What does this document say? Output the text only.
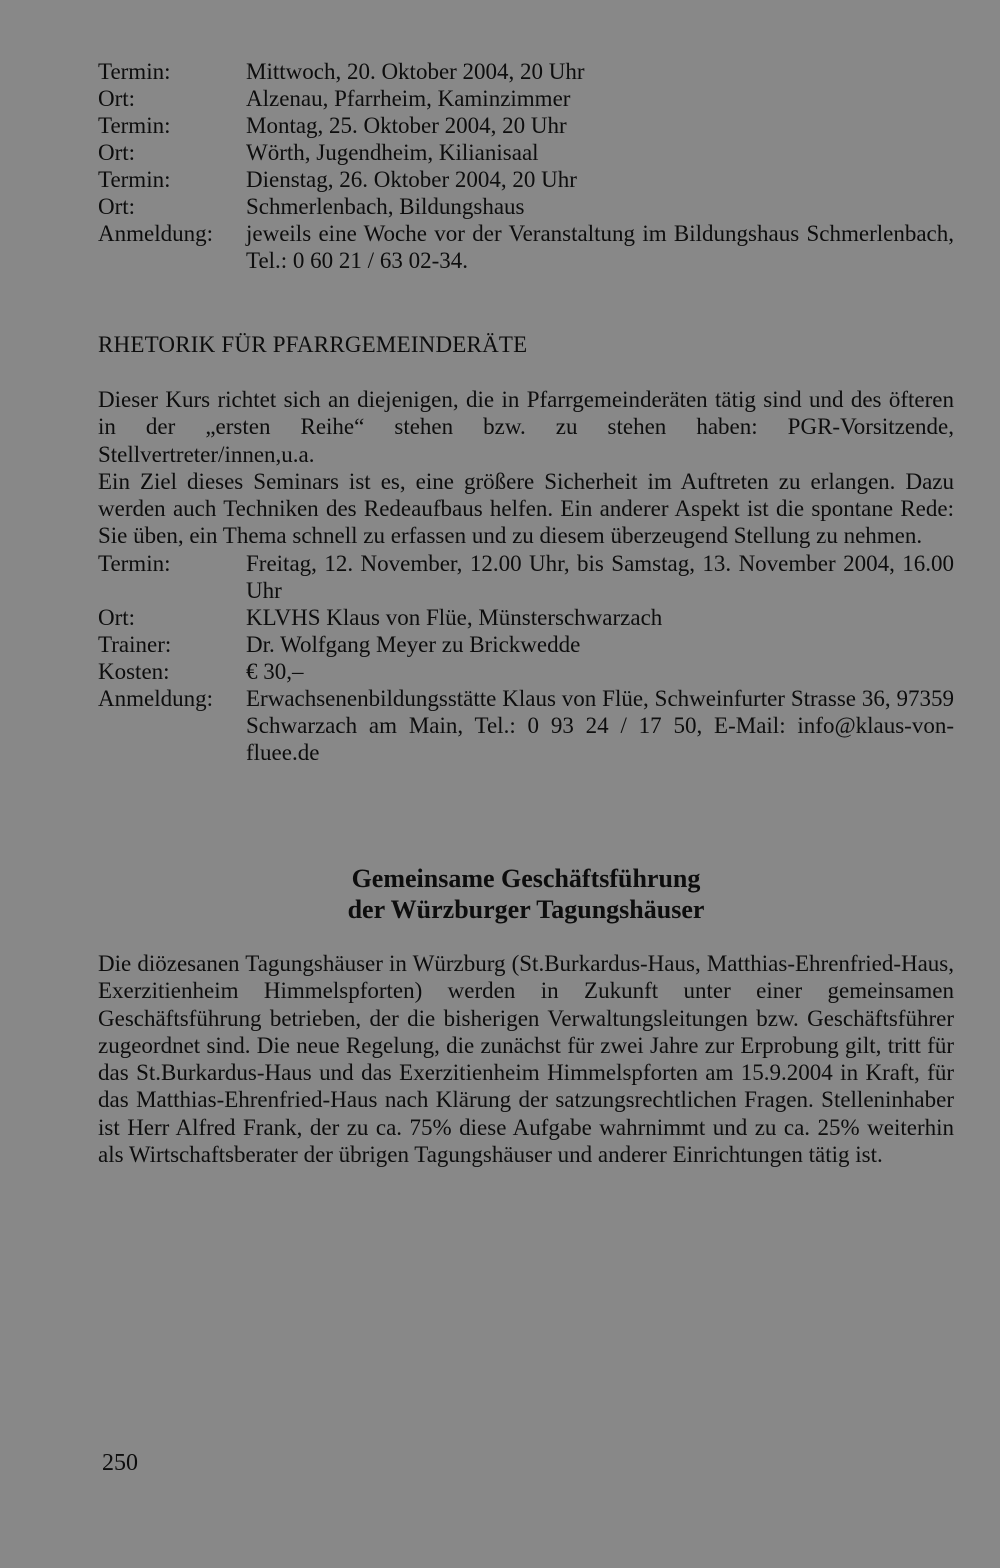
Termin:	Mittwoch, 20. Oktober 2004, 20 Uhr
Ort:	Alzenau, Pfarrheim, Kaminzimmer
Termin:	Montag, 25. Oktober 2004, 20 Uhr
Ort:	Wörth, Jugendheim, Kilianisaal
Termin:	Dienstag, 26. Oktober 2004, 20 Uhr
Ort:	Schmerlenbach, Bildungshaus
Anmeldung:	jeweils eine Woche vor der Veranstaltung im Bildungshaus Schmerlenbach, Tel.: 0 60 21 / 63 02-34.
RHETORIK FÜR PFARRGEMEINDERÄTE

Dieser Kurs richtet sich an diejenigen, die in Pfarrgemeinderäten tätig sind und des öfteren in der „ersten Reihe“ stehen bzw. zu stehen haben: PGR-Vorsitzende, Stellvertreter/innen,u.a.

Ein Ziel dieses Seminars ist es, eine größere Sicherheit im Auftreten zu erlangen. Dazu werden auch Techniken des Redeaufbaus helfen. Ein anderer Aspekt ist die spontane Rede: Sie üben, ein Thema schnell zu erfassen und zu diesem überzeugend Stellung zu nehmen.

Termin:	Freitag, 12. November, 12.00 Uhr, bis Samstag, 13. November 2004, 16.00 Uhr
Ort:	KLVHS Klaus von Flüe, Münsterschwarzach
Trainer:	Dr. Wolfgang Meyer zu Brickwedde
Kosten:	€ 30,–
Anmeldung:	Erwachsenenbildungsstätte Klaus von Flüe, Schweinfurter Strasse 36, 97359 Schwarzach am Main, Tel.: 0 93 24 / 17 50, E-Mail: info@klaus-von-fluee.de
Gemeinsame Geschäftsführung
der Würzburger Tagungshäuser

Die diözesanen Tagungshäuser in Würzburg (St.Burkardus-Haus, Matthias-Ehrenfried-Haus, Exerzitienheim Himmelspforten) werden in Zukunft unter einer gemeinsamen Geschäftsführung betrieben, der die bisherigen Verwaltungsleitungen bzw. Geschäftsführer zugeordnet sind. Die neue Regelung, die zunächst für zwei Jahre zur Erprobung gilt, tritt für das St.Burkardus-Haus und das Exerzitienheim Himmelspforten am 15.9.2004 in Kraft, für das Matthias-Ehrenfried-Haus nach Klärung der satzungsrechtlichen Fragen. Stelleninhaber ist Herr Alfred Frank, der zu ca. 75% diese Aufgabe wahrnimmt und zu ca. 25% weiterhin als Wirtschaftsberater der übrigen Tagungshäuser und anderer Einrichtungen tätig ist.

250
